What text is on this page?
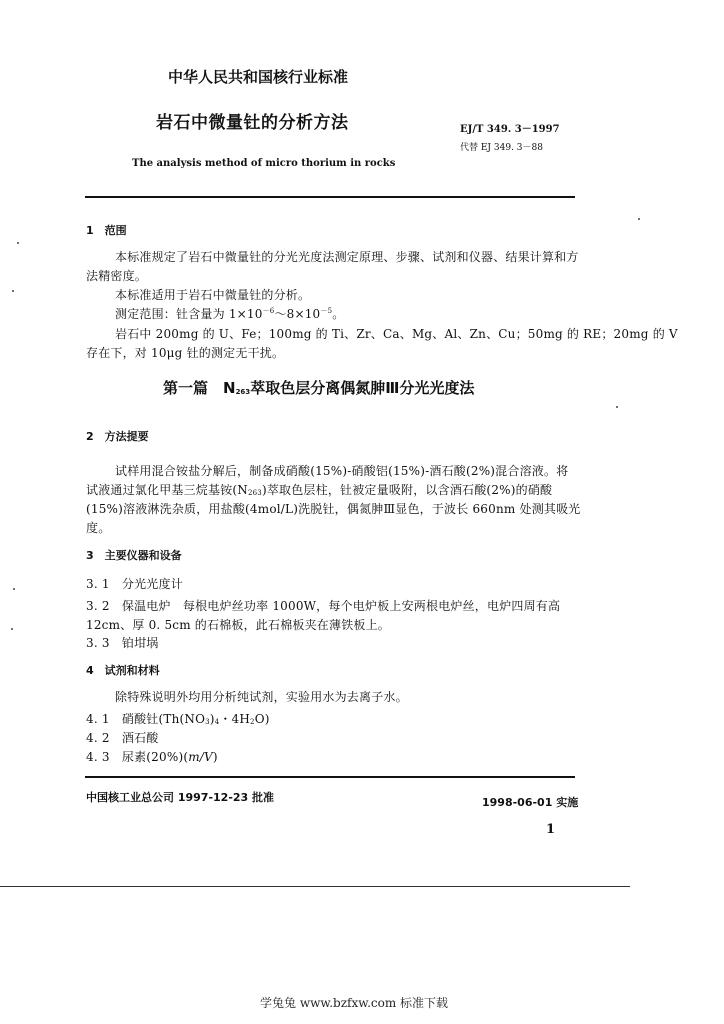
中华人民共和国核行业标准
岩石中微量钍的分析方法	EJ/T 349. 3－1997
代替 EJ 349. 3－88
The analysis method of micro thorium in rocks
1　范围
本标准规定了岩石中微量钍的分光光度法测定原理、步骤、试剂和仪器、结果计算和方
法精密度。
本标准适用于岩石中微量钍的分析。
测定范围：钍含量为 $1\times 10^{-6}\sim 8\times 10^{-5}$。
岩石中 200mg 的 U、Fe；100mg 的 Ti、Zr、Ca、Mg、Al、Zn、Cu；50mg 的 RE；20mg 的 V
存在下，对 10μg 钍的测定无干扰。
第一篇　$N_{263}$萃取色层分离偶氮胂Ⅲ分光光度法
2　方法提要
试样用混合铵盐分解后，制备成硝酸(15%)-硝酸铝(15%)-酒石酸(2%)混合溶液。将
试液通过氯化甲基三烷基铵$(N_{263})$萃取色层柱，钍被定量吸附，以含酒石酸(2%)的硝酸
(15%)溶液淋洗杂质，用盐酸(4mol/L)洗脱钍，偶氮胂Ⅲ显色，于波长 660nm 处测其吸光
度。
3　主要仪器和设备
3. 1　分光光度计
3. 2　保温电炉　每根电炉丝功率 1000W，每个电炉板上安两根电炉丝，电炉四周有高
12cm、厚 0. 5cm 的石棉板，此石棉板夹在薄铁板上。
3. 3　铂坩埚
4　试剂和材料
除特殊说明外均用分析纯试剂，实验用水为去离子水。
4. 1　硝酸钍($Th(NO_3)_4$・$4H_2O$)
4. 2　酒石酸
4. 3　尿素(20%)(m/V)
中国核工业总公司 1997-12-23 批准	1998-06-01 实施
1
学兔兔 www.bzfxw.com 标准下载
